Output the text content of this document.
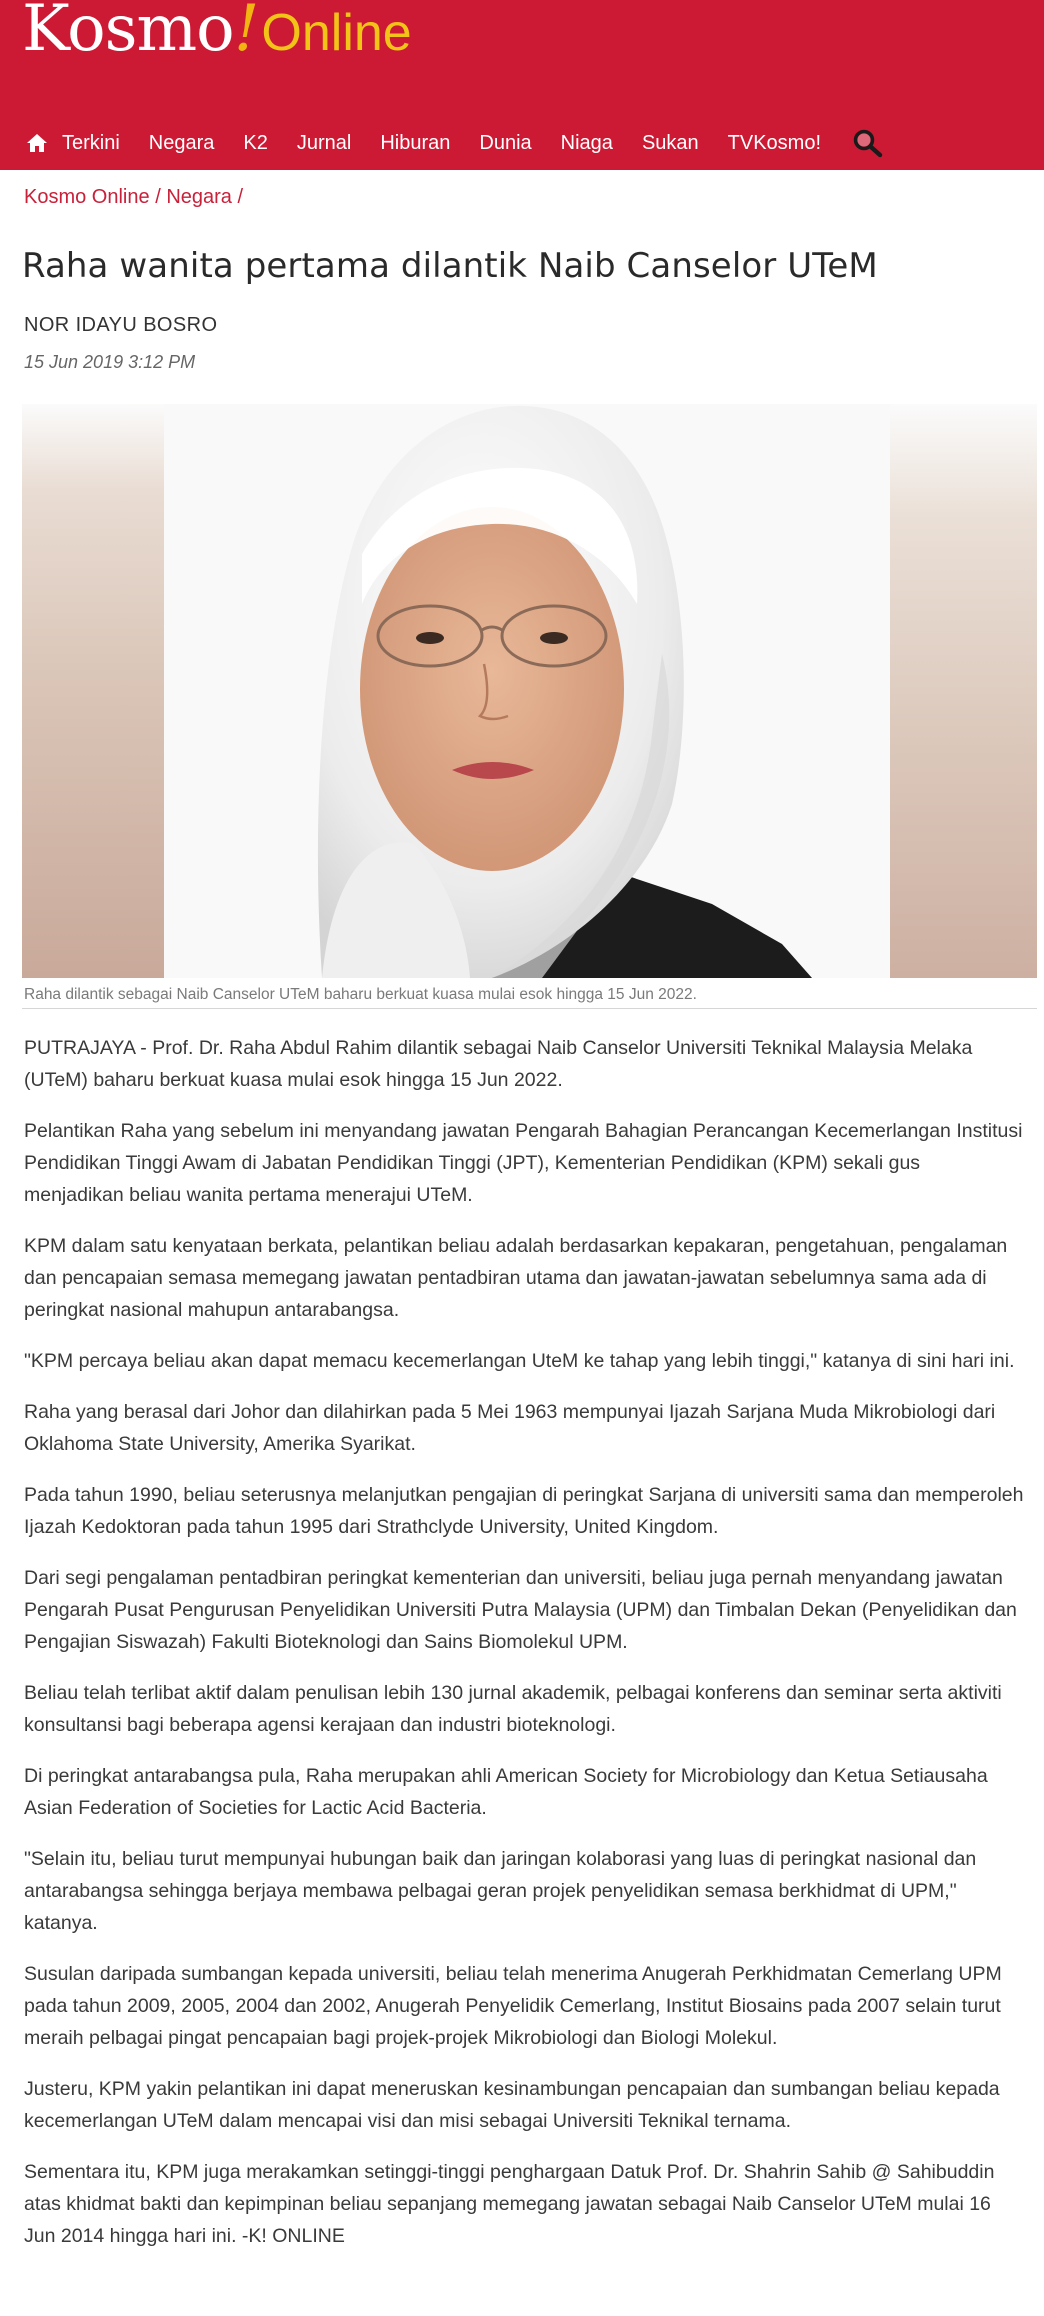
Kosmo!Online
Terkini Negara K2 Jurnal Hiburan Dunia Niaga Sukan TVKosmo!
Kosmo Online / Negara /
Raha wanita pertama dilantik Naib Canselor UTeM
NOR IDAYU BOSRO
15 Jun 2019 3:12 PM
Raha dilantik sebagai Naib Canselor UTeM baharu berkuat kuasa mulai esok hingga 15 Jun 2022.

PUTRAJAYA - Prof. Dr. Raha Abdul Rahim dilantik sebagai Naib Canselor Universiti Teknikal Malaysia Melaka (UTeM) baharu berkuat kuasa mulai esok hingga 15 Jun 2022.

Pelantikan Raha yang sebelum ini menyandang jawatan Pengarah Bahagian Perancangan Kecemerlangan Institusi Pendidikan Tinggi Awam di Jabatan Pendidikan Tinggi (JPT), Kementerian Pendidikan (KPM) sekali gus menjadikan beliau wanita pertama menerajui UTeM.

KPM dalam satu kenyataan berkata, pelantikan beliau adalah berdasarkan kepakaran, pengetahuan, pengalaman dan pencapaian semasa memegang jawatan pentadbiran utama dan jawatan-jawatan sebelumnya sama ada di peringkat nasional mahupun antarabangsa.

"KPM percaya beliau akan dapat memacu kecemerlangan UteM ke tahap yang lebih tinggi," katanya di sini hari ini.

Raha yang berasal dari Johor dan dilahirkan pada 5 Mei 1963 mempunyai Ijazah Sarjana Muda Mikrobiologi dari Oklahoma State University, Amerika Syarikat.

Pada tahun 1990, beliau seterusnya melanjutkan pengajian di peringkat Sarjana di universiti sama dan memperoleh Ijazah Kedoktoran pada tahun 1995 dari Strathclyde University, United Kingdom.

Dari segi pengalaman pentadbiran peringkat kementerian dan universiti, beliau juga pernah menyandang jawatan Pengarah Pusat Pengurusan Penyelidikan Universiti Putra Malaysia (UPM) dan Timbalan Dekan (Penyelidikan dan Pengajian Siswazah) Fakulti Bioteknologi dan Sains Biomolekul UPM.

Beliau telah terlibat aktif dalam penulisan lebih 130 jurnal akademik, pelbagai konferens dan seminar serta aktiviti konsultansi bagi beberapa agensi kerajaan dan industri bioteknologi.

Di peringkat antarabangsa pula, Raha merupakan ahli American Society for Microbiology dan Ketua Setiausaha Asian Federation of Societies for Lactic Acid Bacteria.

"Selain itu, beliau turut mempunyai hubungan baik dan jaringan kolaborasi yang luas di peringkat nasional dan antarabangsa sehingga berjaya membawa pelbagai geran projek penyelidikan semasa berkhidmat di UPM," katanya.

Susulan daripada sumbangan kepada universiti, beliau telah menerima Anugerah Perkhidmatan Cemerlang UPM pada tahun 2009, 2005, 2004 dan 2002, Anugerah Penyelidik Cemerlang, Institut Biosains pada 2007 selain turut meraih pelbagai pingat pencapaian bagi projek-projek Mikrobiologi dan Biologi Molekul.

Justeru, KPM yakin pelantikan ini dapat meneruskan kesinambungan pencapaian dan sumbangan beliau kepada kecemerlangan UTeM dalam mencapai visi dan misi sebagai Universiti Teknikal ternama.

Sementara itu, KPM juga merakamkan setinggi-tinggi penghargaan Datuk Prof. Dr. Shahrin Sahib @ Sahibuddin atas khidmat bakti dan kepimpinan beliau sepanjang memegang jawatan sebagai Naib Canselor UTeM mulai 16 Jun 2014 hingga hari ini. -K! ONLINE
